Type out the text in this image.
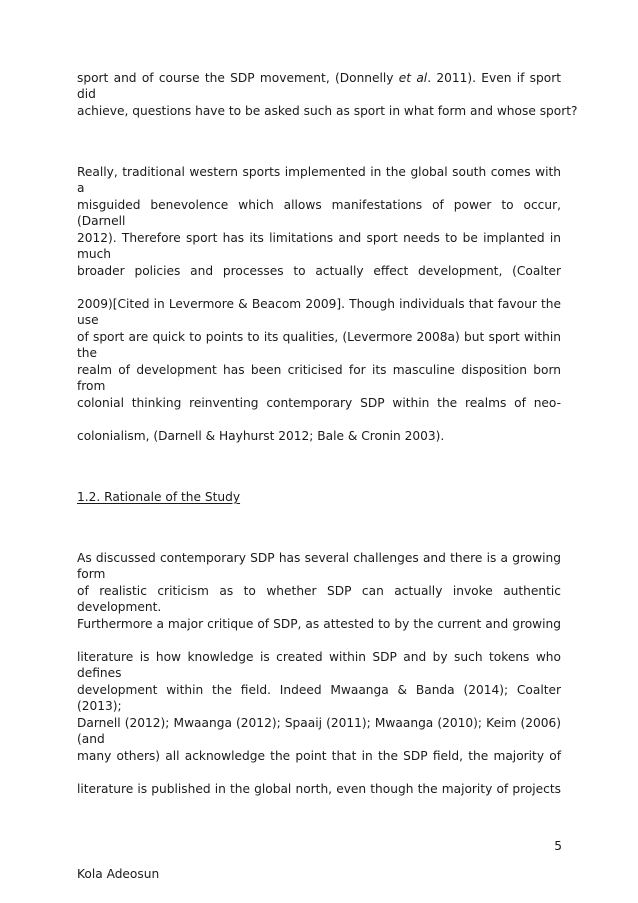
sport and of course the SDP movement, (Donnelly et al. 2011). Even if sport did
achieve, questions have to be asked such as sport in what form and whose sport?
Really, traditional western sports implemented in the global south comes with a
misguided benevolence which allows manifestations of power to occur, (Darnell
2012). Therefore sport has its limitations and sport needs to be implanted in much
broader policies and processes to actually effect development, (Coalter
2009)[Cited in Levermore & Beacom 2009]. Though individuals that favour the use
of sport are quick to points to its qualities, (Levermore 2008a) but sport within the
realm of development has been criticised for its masculine disposition born from
colonial thinking reinventing contemporary SDP within the realms of neo-
colonialism, (Darnell & Hayhurst 2012; Bale & Cronin 2003).
1.2. Rationale of the Study
As discussed contemporary SDP has several challenges and there is a growing form
of realistic criticism as to whether SDP can actually invoke authentic development.
Furthermore a major critique of SDP, as attested to by the current and growing
literature is how knowledge is created within SDP and by such tokens who defines
development within the field. Indeed Mwaanga & Banda (2014); Coalter (2013);
Darnell (2012); Mwaanga (2012); Spaaij (2011); Mwaanga (2010); Keim (2006) (and
many others) all acknowledge the point that in the SDP field, the majority of
literature is published in the global north, even though the majority of projects
5
Kola Adeosun
